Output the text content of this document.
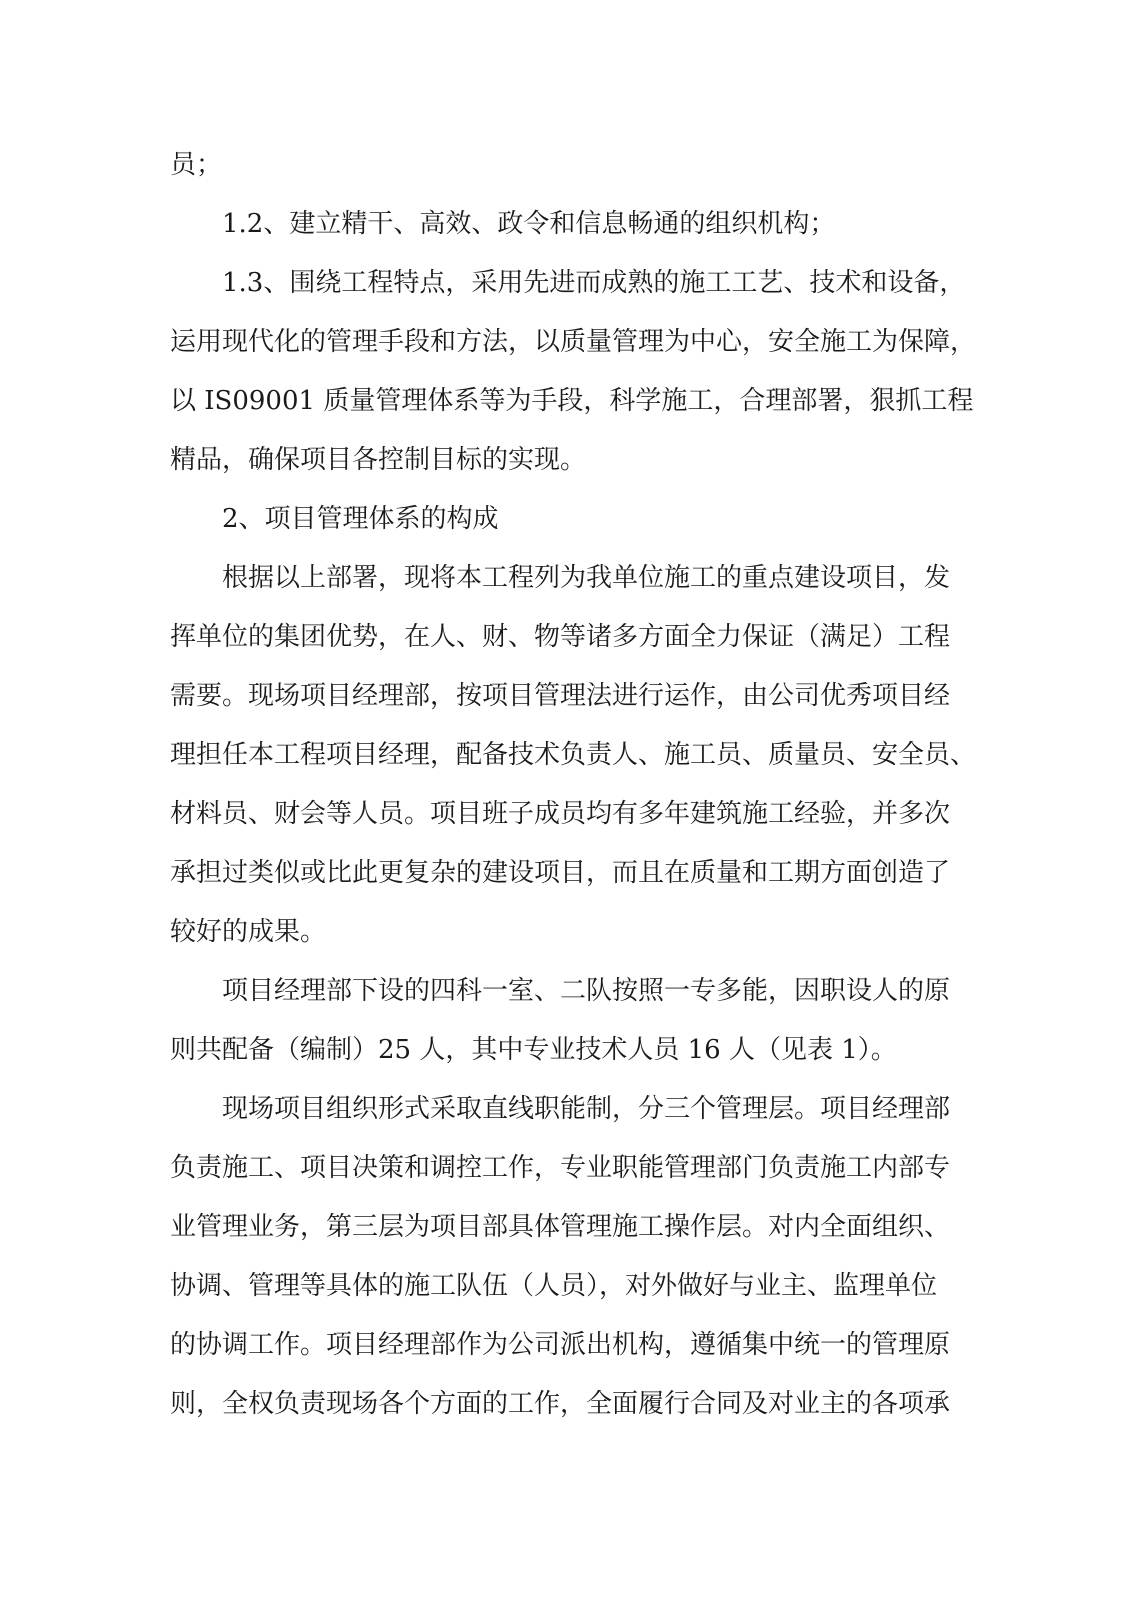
员；
1.2、建立精干、高效、政令和信息畅通的组织机构；
1.3、围绕工程特点，采用先进而成熟的施工工艺、技术和设备，
运用现代化的管理手段和方法，以质量管理为中心，安全施工为保障，
以 IS09001 质量管理体系等为手段，科学施工，合理部署，狠抓工程
精品，确保项目各控制目标的实现。
2、项目管理体系的构成
根据以上部署，现将本工程列为我单位施工的重点建设项目，发
挥单位的集团优势，在人、财、物等诸多方面全力保证（满足）工程
需要。现场项目经理部，按项目管理法进行运作，由公司优秀项目经
理担任本工程项目经理，配备技术负责人、施工员、质量员、安全员、
材料员、财会等人员。项目班子成员均有多年建筑施工经验，并多次
承担过类似或比此更复杂的建设项目，而且在质量和工期方面创造了
较好的成果。
项目经理部下设的四科一室、二队按照一专多能，因职设人的原
则共配备（编制）25 人，其中专业技术人员 16 人（见表 1）。
现场项目组织形式采取直线职能制，分三个管理层。项目经理部
负责施工、项目决策和调控工作，专业职能管理部门负责施工内部专
业管理业务，第三层为项目部具体管理施工操作层。对内全面组织、
协调、管理等具体的施工队伍（人员），对外做好与业主、监理单位
的协调工作。项目经理部作为公司派出机构，遵循集中统一的管理原
则，全权负责现场各个方面的工作，全面履行合同及对业主的各项承
